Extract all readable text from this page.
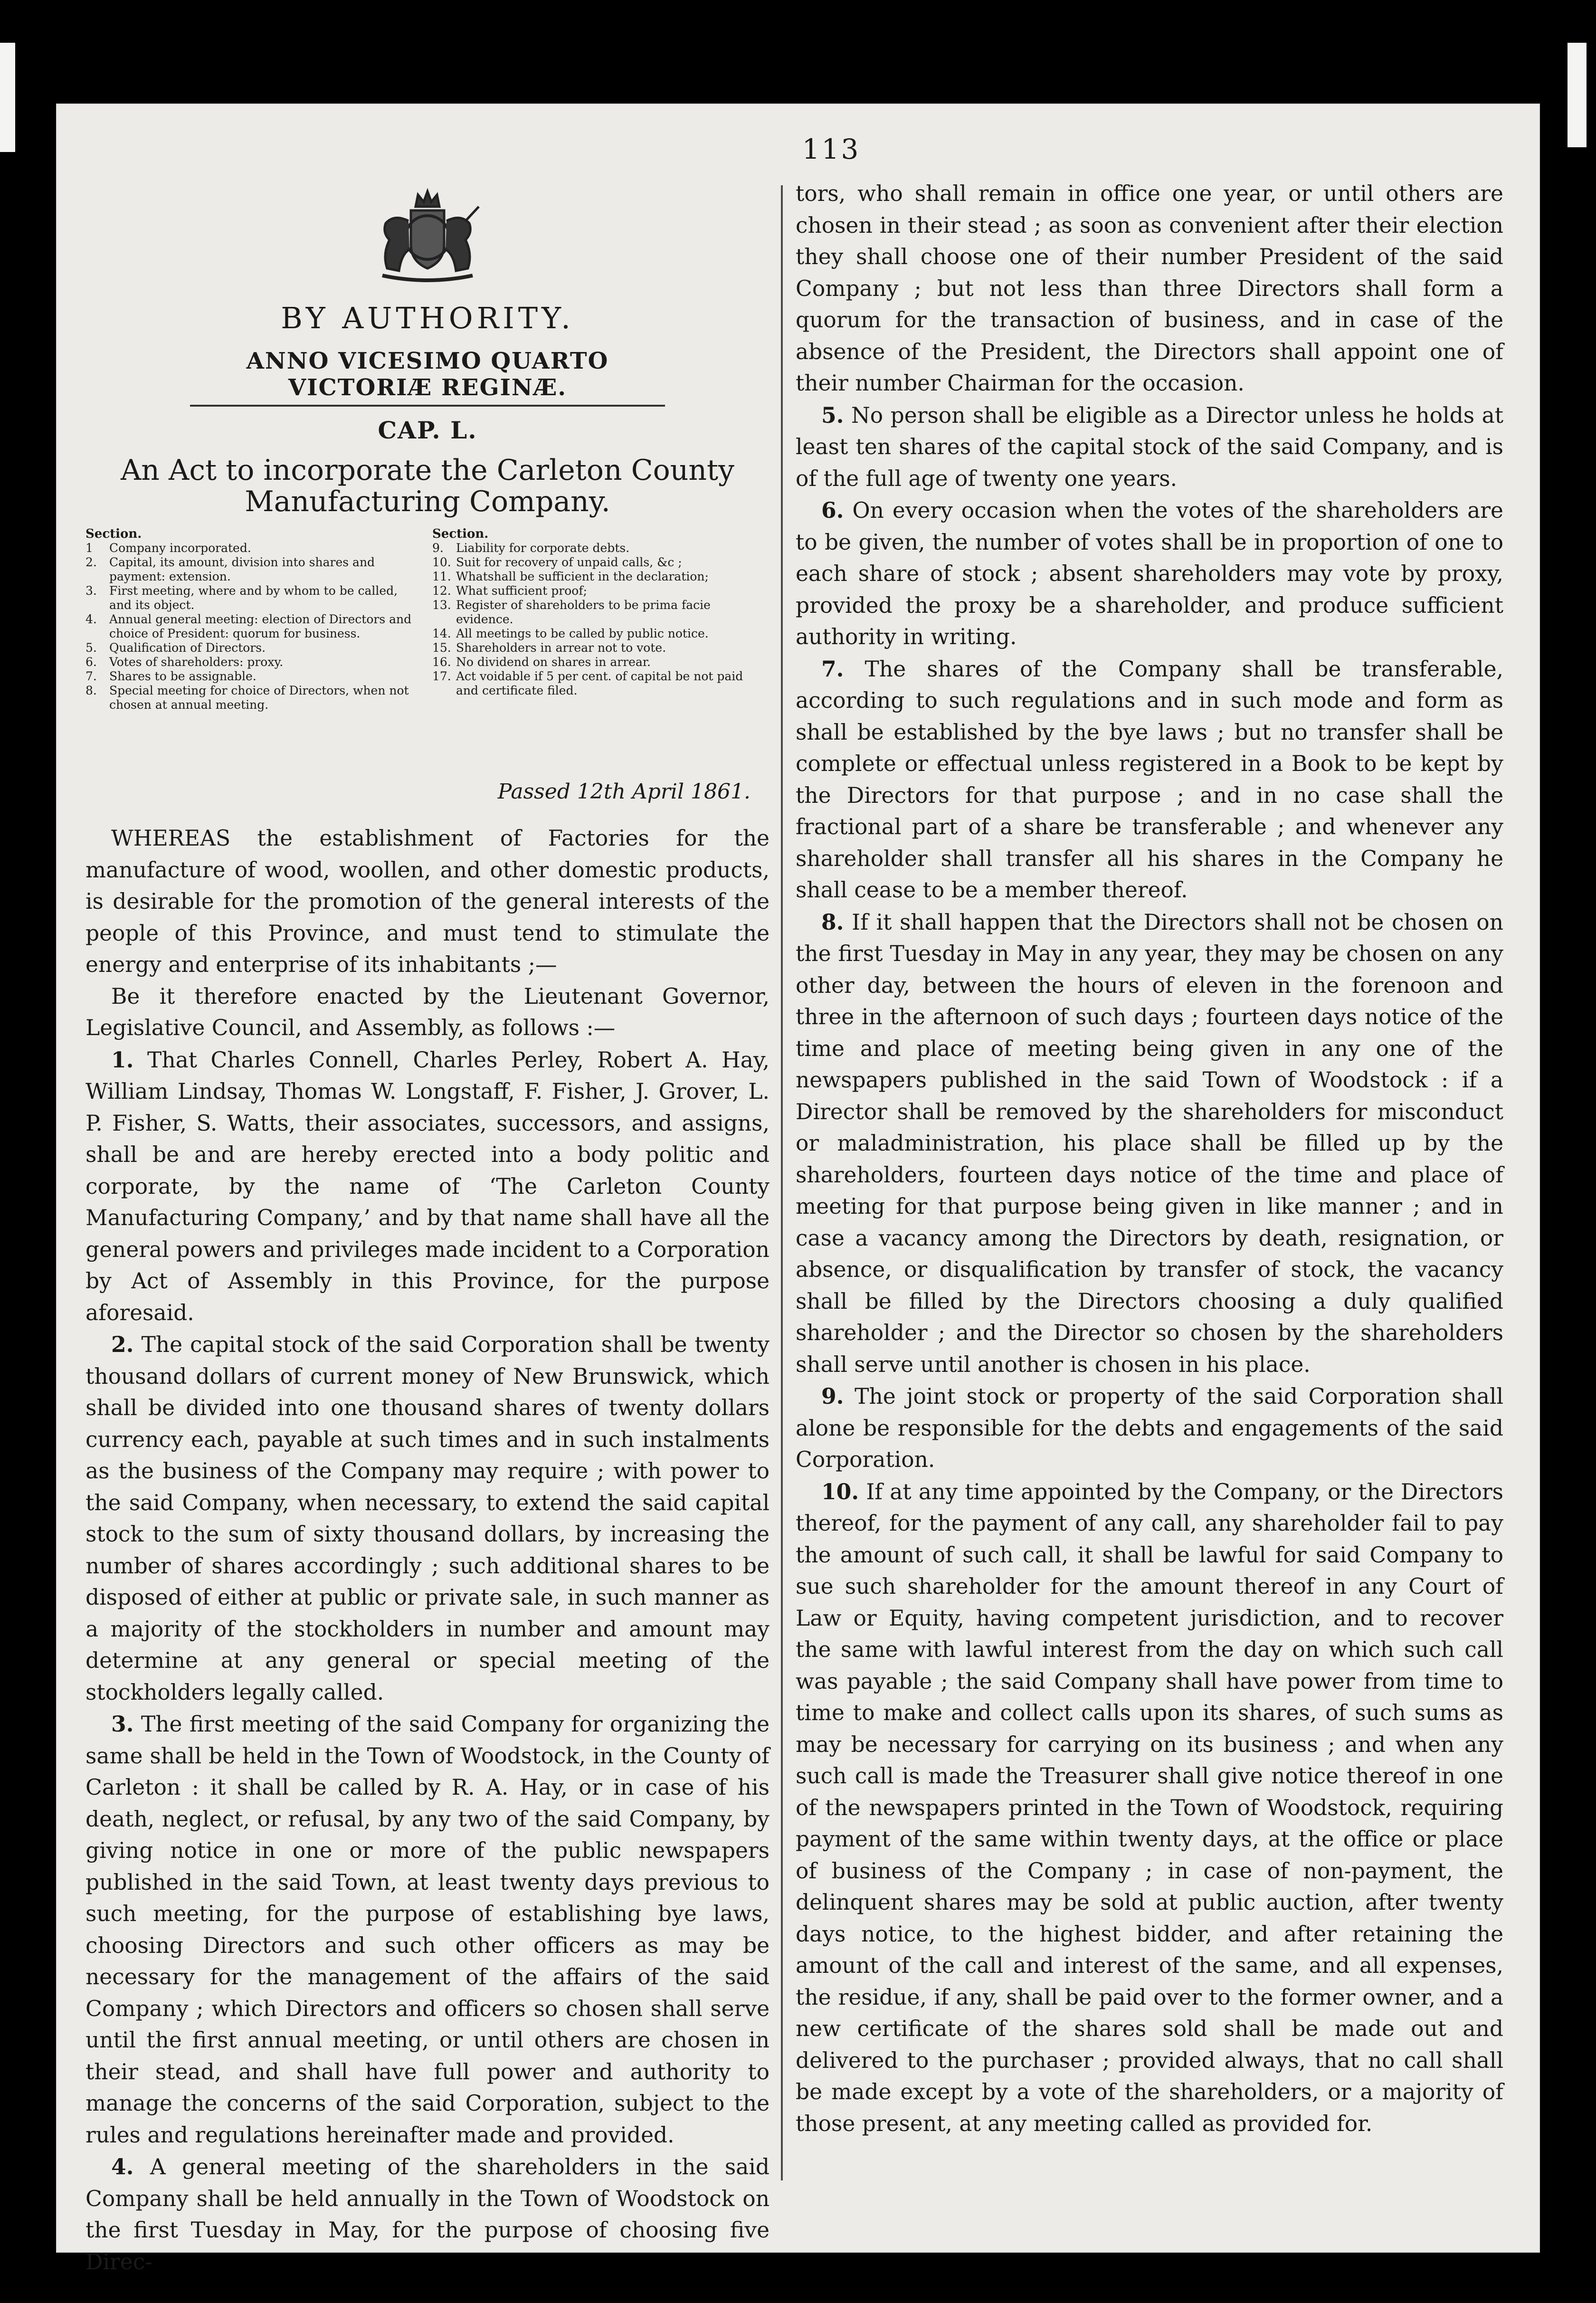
113
BY AUTHORITY.
ANNO VICESIMO QUARTO VICTORIÆ REGINÆ.
CAP. L.
An Act to incorporate the Carleton County Manufacturing Company.
Section.
1	Company incorporated.
2.	Capital, its amount, division into shares and payment: extension.
3.	First meeting, where and by whom to be called, and its object.
4.	Annual general meeting: election of Directors and choice of President: quorum for business.
5.	Qualification of Directors.
6.	Votes of shareholders: proxy.
7.	Shares to be assignable.
8.	Special meeting for choice of Directors, when not chosen at annual meeting.
Section.
9.	Liability for corporate debts.
10. Suit for recovery of unpaid calls, &c ;
11. Whatshall be sufficient in the declaration;
12. What sufficient proof;
13. Register of shareholders to be prima facie evidence.
14. All meetings to be called by public notice.
15. Shareholders in arrear not to vote.
16. No dividend on shares in arrear.
17. Act voidable if 5 per cent. of capital be not paid and certificate filed.
Passed 12th April 1861.

WHEREAS the establishment of Factories for the manufacture of wood, woollen, and other domestic products, is desirable for the promotion of the general interests of the people of this Province, and must tend to stimulate the energy and enterprise of its inhabitants ;—

Be it therefore enacted by the Lieutenant Governor, Legislative Council, and Assembly, as follows :—

1. That Charles Connell, Charles Perley, Robert A. Hay, William Lindsay, Thomas W. Longstaff, F. Fisher, J. Grover, L. P. Fisher, S. Watts, their associates, successors, and assigns, shall be and are hereby erected into a body politic and corporate, by the name of ‘The Carleton County Manufacturing Company,’ and by that name shall have all the general powers and privileges made incident to a Corporation by Act of Assembly in this Province, for the purpose aforesaid.

2. The capital stock of the said Corporation shall be twenty thousand dollars of current money of New Brunswick, which shall be divided into one thousand shares of twenty dollars currency each, payable at such times and in such instalments as the business of the Company may require ; with power to the said Company, when necessary, to extend the said capital stock to the sum of sixty thousand dollars, by increasing the number of shares accordingly ; such additional shares to be disposed of either at public or private sale, in such manner as a majority of the stockholders in number and amount may determine at any general or special meeting of the stockholders legally called.

3. The first meeting of the said Company for organizing the same shall be held in the Town of Woodstock, in the County of Carleton : it shall be called by R. A. Hay, or in case of his death, neglect, or refusal, by any two of the said Company, by giving notice in one or more of the public newspapers published in the said Town, at least twenty days previous to such meeting, for the purpose of establishing bye laws, choosing Directors and such other officers as may be necessary for the management of the affairs of the said Company ; which Directors and officers so chosen shall serve until the first annual meeting, or until others are chosen in their stead, and shall have full power and authority to manage the concerns of the said Corporation, subject to the rules and regulations hereinafter made and provided.

4. A general meeting of the shareholders in the said Company shall be held annually in the Town of Woodstock on the first Tuesday in May, for the purpose of choosing five Direc-

tors, who shall remain in office one year, or until others are chosen in their stead ; as soon as convenient after their election they shall choose one of their number President of the said Company ; but not less than three Directors shall form a quorum for the transaction of business, and in case of the absence of the President, the Directors shall appoint one of their number Chairman for the occasion.

5. No person shall be eligible as a Director unless he holds at least ten shares of the capital stock of the said Company, and is of the full age of twenty one years.

6. On every occasion when the votes of the shareholders are to be given, the number of votes shall be in proportion of one to each share of stock ; absent shareholders may vote by proxy, provided the proxy be a shareholder, and produce sufficient authority in writing.

7. The shares of the Company shall be transferable, according to such regulations and in such mode and form as shall be established by the bye laws ; but no transfer shall be complete or effectual unless registered in a Book to be kept by the Directors for that purpose ; and in no case shall the fractional part of a share be transferable ; and whenever any shareholder shall transfer all his shares in the Company he shall cease to be a member thereof.

8. If it shall happen that the Directors shall not be chosen on the first Tuesday in May in any year, they may be chosen on any other day, between the hours of eleven in the forenoon and three in the afternoon of such days ; fourteen days notice of the time and place of meeting being given in any one of the newspapers published in the said Town of Woodstock : if a Director shall be removed by the shareholders for misconduct or maladministration, his place shall be filled up by the shareholders, fourteen days notice of the time and place of meeting for that purpose being given in like manner ; and in case a vacancy among the Directors by death, resignation, or absence, or disqualification by transfer of stock, the vacancy shall be filled by the Directors choosing a duly qualified shareholder ; and the Director so chosen by the shareholders shall serve until another is chosen in his place.

9. The joint stock or property of the said Corporation shall alone be responsible for the debts and engagements of the said Corporation.

10. If at any time appointed by the Company, or the Directors thereof, for the payment of any call, any shareholder fail to pay the amount of such call, it shall be lawful for said Company to sue such shareholder for the amount thereof in any Court of Law or Equity, having competent jurisdiction, and to recover the same with lawful interest from the day on which such call was payable ; the said Company shall have power from time to time to make and collect calls upon its shares, of such sums as may be necessary for carrying on its business ; and when any such call is made the Treasurer shall give notice thereof in one of the newspapers printed in the Town of Woodstock, requiring payment of the same within twenty days, at the office or place of business of the Company ; in case of non-payment, the delinquent shares may be sold at public auction, after twenty days notice, to the highest bidder, and after retaining the amount of the call and interest of the same, and all expenses, the residue, if any, shall be paid over to the former owner, and a new certificate of the shares sold shall be made out and delivered to the purchaser ; provided always, that no call shall be made except by a vote of the shareholders, or a majority of those present, at any meeting called as provided for.
